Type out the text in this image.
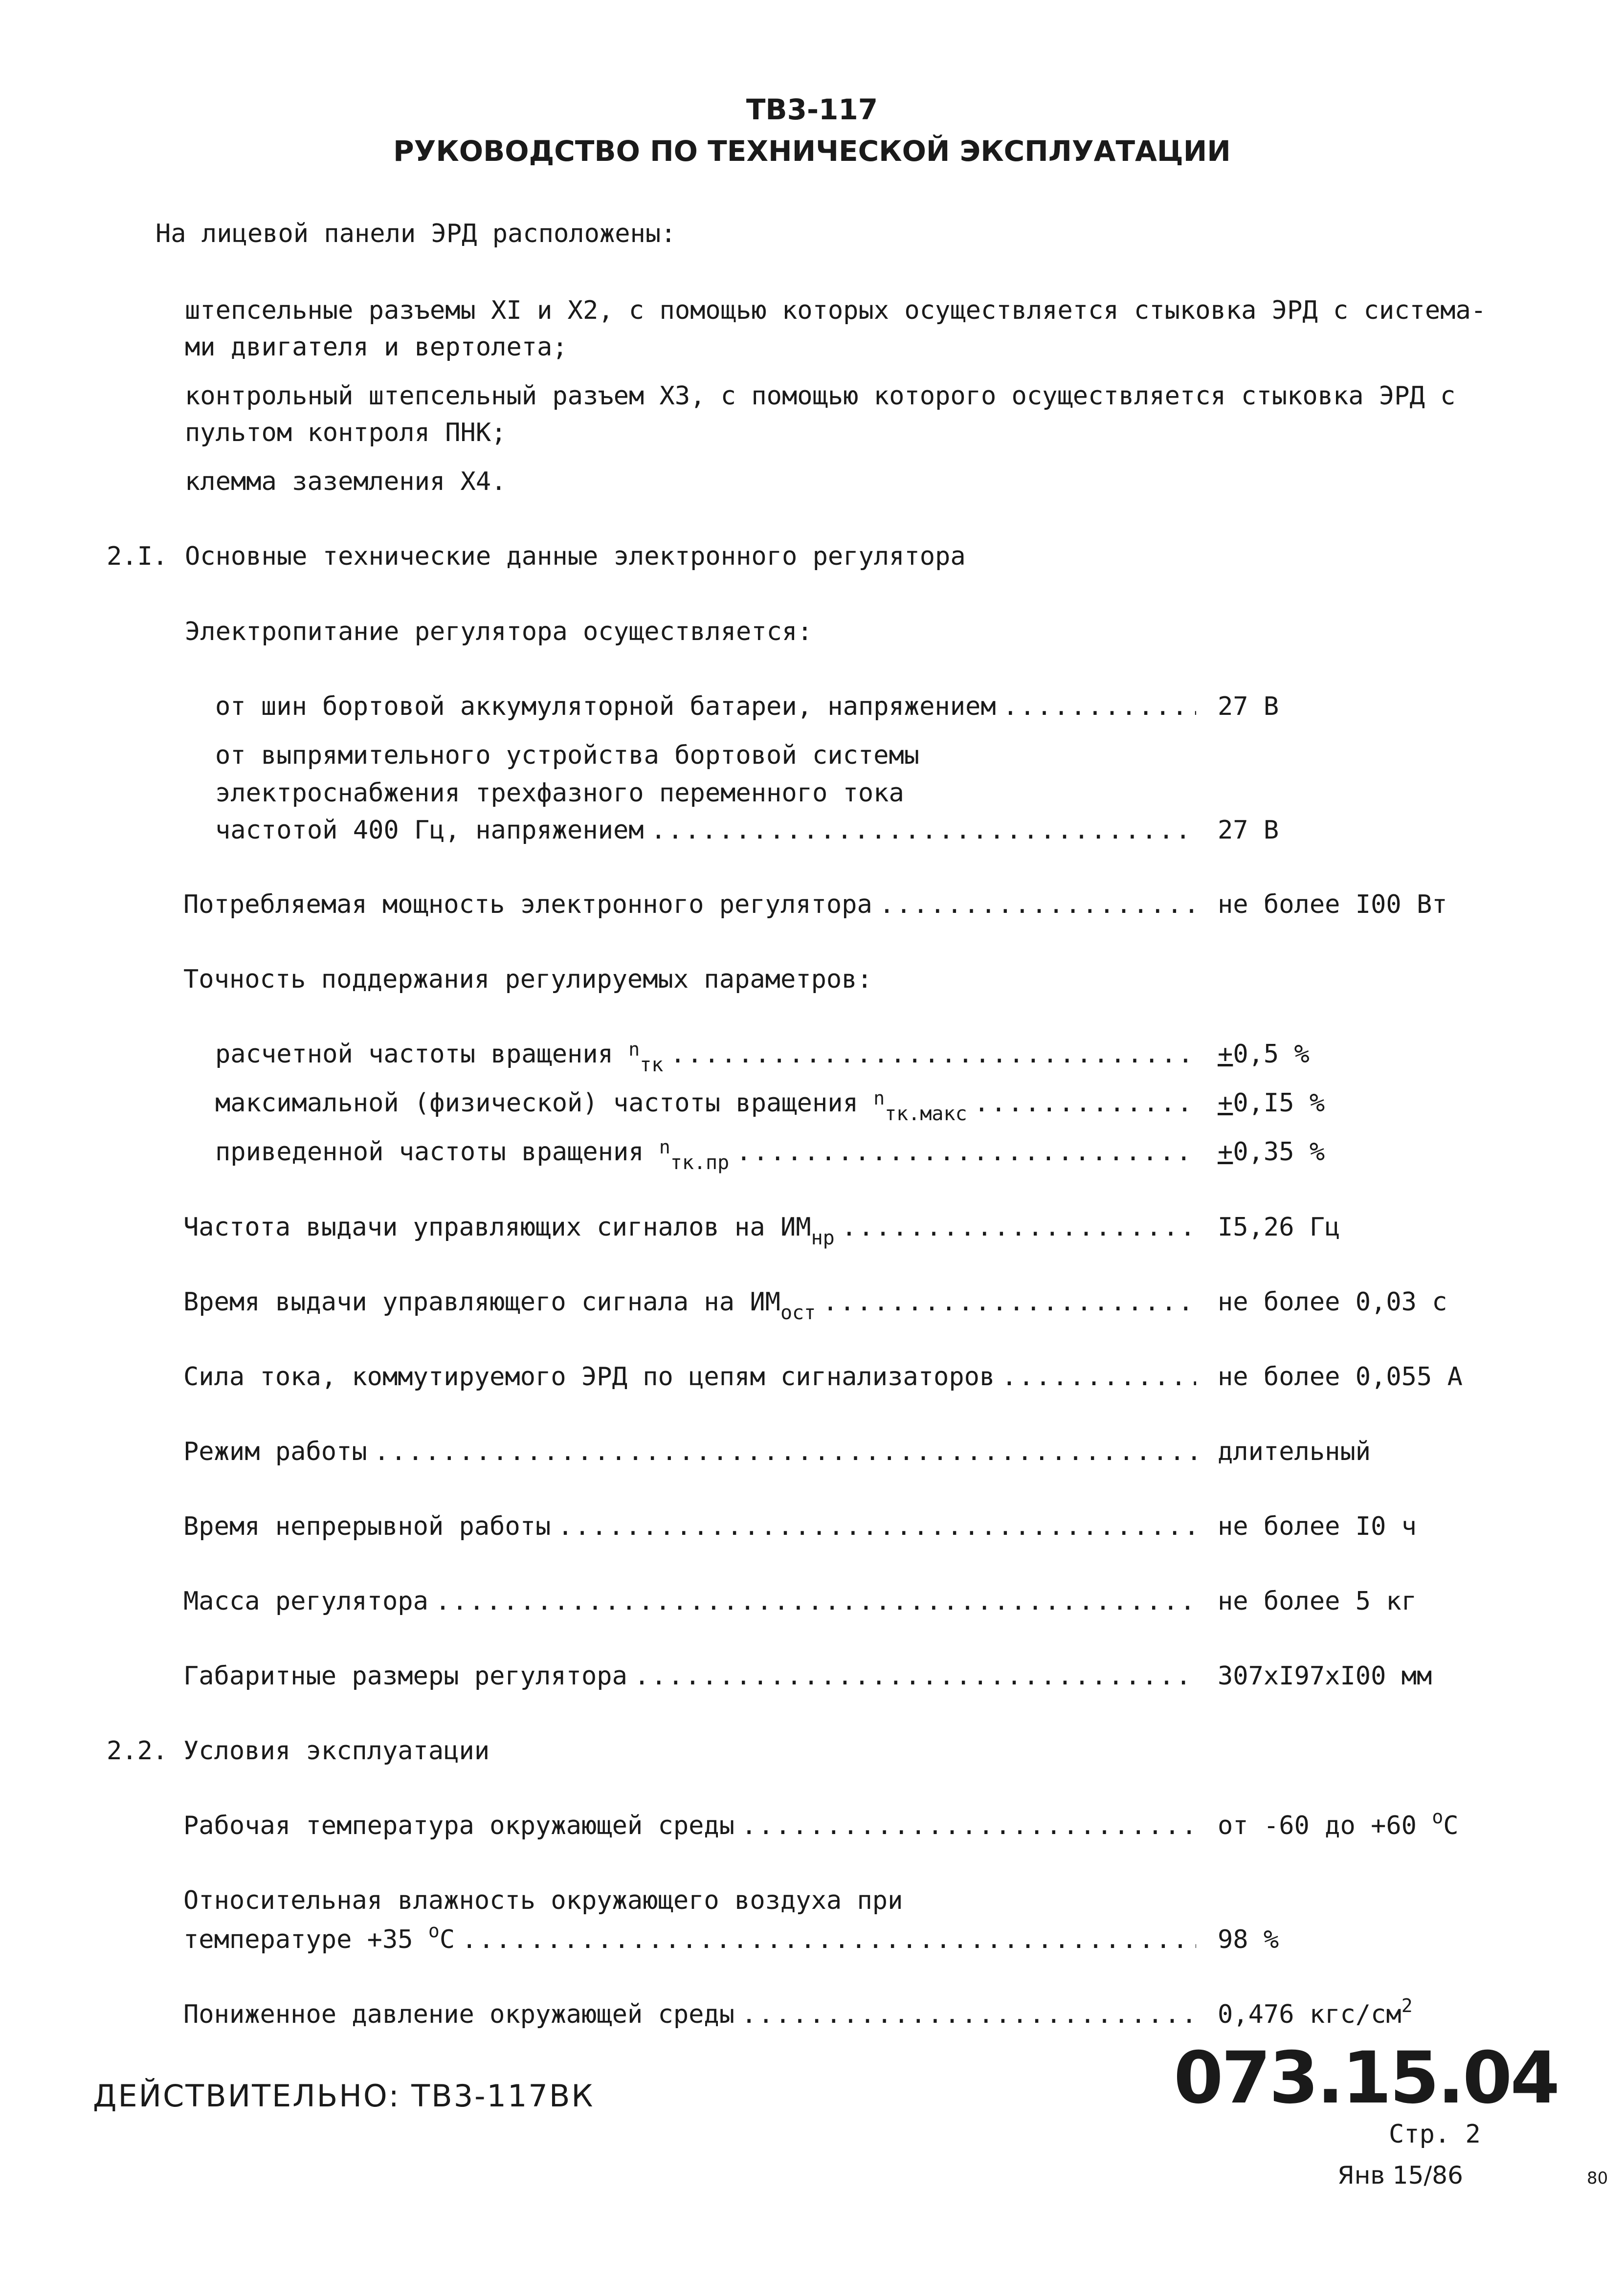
ТВ3-117
РУКОВОДСТВО ПО ТЕХНИЧЕСКОЙ ЭКСПЛУАТАЦИИ
На лицевой панели ЭРД расположены:
штепсельные разъемы XI и X2, с помощью которых осуществляется стыковка ЭРД с система-
ми двигателя и вертолета;
контрольный штепсельный разъем X3, с помощью которого осуществляется стыковка ЭРД с
пультом контроля ПНК;
клемма заземления X4.
2.I. Основные технические данные электронного регулятора
Электропитание регулятора осуществляется:
от шин бортовой аккумуляторной батареи, напряжением . . .	27 В
от выпрямительного устройства бортовой системы
электроснабжения трехфазного переменного тока
частотой 400 Гц, напряжением . . .	27 В
Потребляемая мощность электронного регулятора . . .	не более I00 Вт
Точность поддержания регулируемых параметров:
расчетной частоты вращения $^n_{тк}$ . . .	+0,5 %
максимальной (физической) частоты вращения $^n_{тк.макс}$ . . .	+0,I5 %
приведенной частоты вращения $^n_{тк.пр}$ . . .	+0,35 %
Частота выдачи управляющих сигналов на $ИМ_{нр}$ . . .	I5,26 Гц
Время выдачи управляющего сигнала на $ИМ_{ост}$ . . .	не более 0,03 с
Сила тока, коммутируемого ЭРД по цепям сигнализаторов . . .	не более 0,055 А
Режим работы . . .	длительный
Время непрерывной работы . . .	не более I0 ч
Масса регулятора . . .	не более 5 кг
Габаритные размеры регулятора . . .	307xI97xI00 мм
2.2. Условия эксплуатации
Рабочая температура окружающей среды . . .	от -60 до +60 $^о$С
Относительная влажность окружающего воздуха при
температуре +35 $^о$С . . .	98 %
Пониженное давление окружающей среды . . .	0,476 кгс/$см^2$
ДЕЙСТВИТЕЛЬНО: ТВ3-117ВК	073.15.04
Стр. 2
Янв 15/86	80
